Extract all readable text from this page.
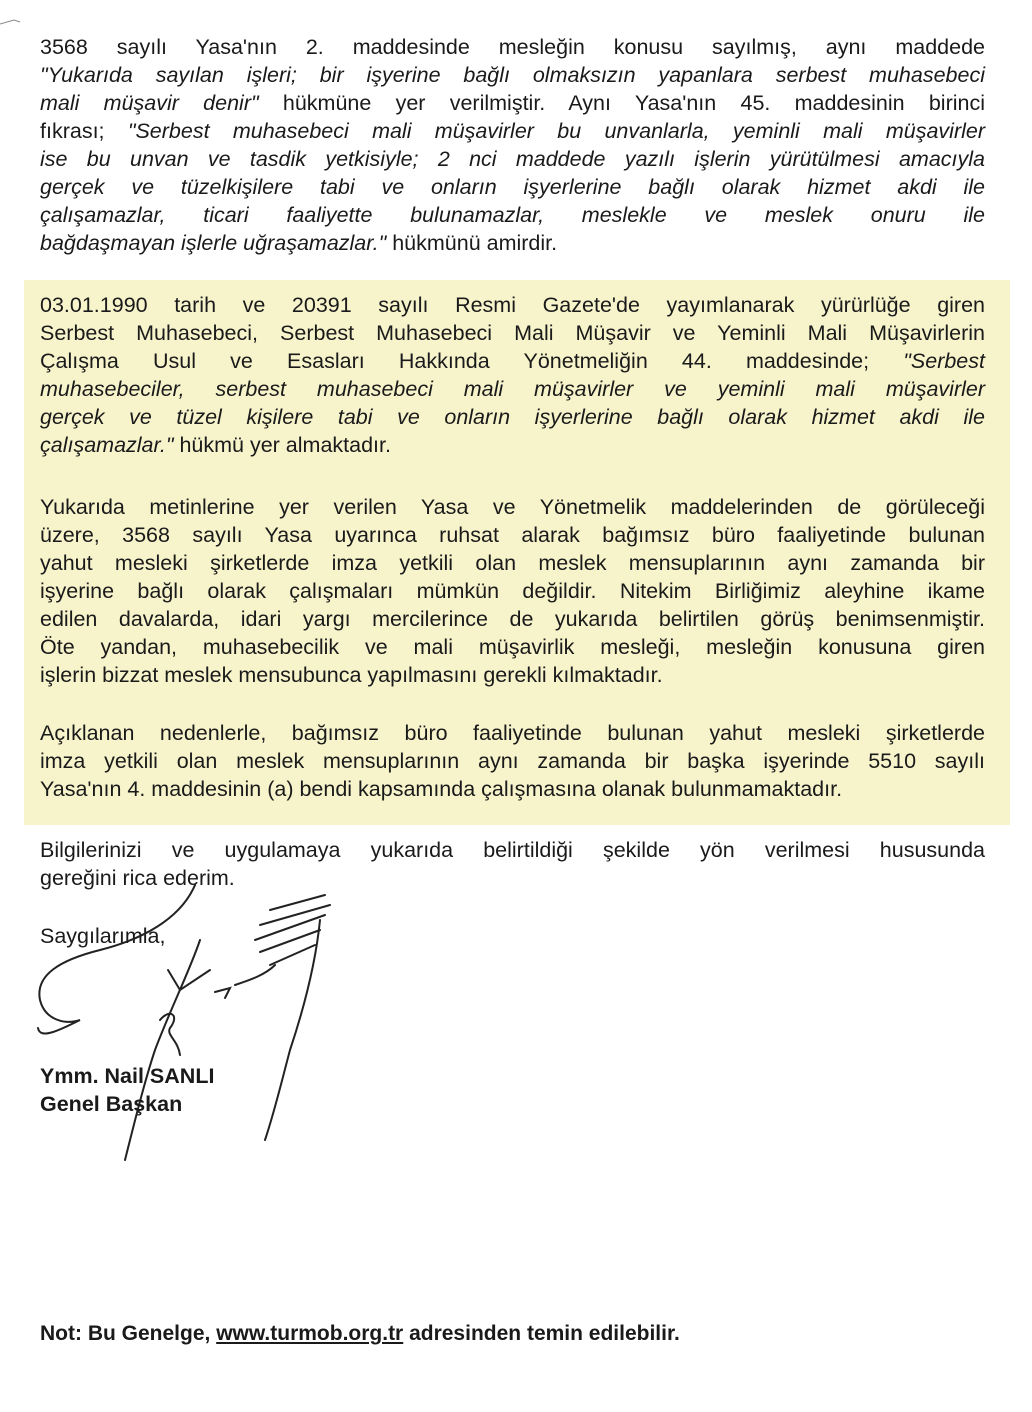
3568 sayılı Yasa'nın 2. maddesinde mesleğin konusu sayılmış, aynı maddede
"Yukarıda sayılan işleri; bir işyerine bağlı olmaksızın yapanlara serbest muhasebeci
mali müşavir denir" hükmüne yer verilmiştir. Aynı Yasa'nın 45. maddesinin birinci
fıkrası; "Serbest muhasebeci mali müşavirler bu unvanlarla, yeminli mali müşavirler
ise bu unvan ve tasdik yetkisiyle; 2 nci maddede yazılı işlerin yürütülmesi amacıyla
gerçek ve tüzelkişilere tabi ve onların işyerlerine bağlı olarak hizmet akdi ile
çalışamazlar, ticari faaliyette bulunamazlar, meslekle ve meslek onuru ile
bağdaşmayan işlerle uğraşamazlar." hükmünü amirdir.
03.01.1990 tarih ve 20391 sayılı Resmi Gazete'de yayımlanarak yürürlüğe giren
Serbest Muhasebeci, Serbest Muhasebeci Mali Müşavir ve Yeminli Mali Müşavirlerin
Çalışma Usul ve Esasları Hakkında Yönetmeliğin 44. maddesinde; "Serbest
muhasebeciler, serbest muhasebeci mali müşavirler ve yeminli mali müşavirler
gerçek ve tüzel kişilere tabi ve onların işyerlerine bağlı olarak hizmet akdi ile
çalışamazlar." hükmü yer almaktadır.
Yukarıda metinlerine yer verilen Yasa ve Yönetmelik maddelerinden de görüleceği
üzere, 3568 sayılı Yasa uyarınca ruhsat alarak bağımsız büro faaliyetinde bulunan
yahut mesleki şirketlerde imza yetkili olan meslek mensuplarının aynı zamanda bir
işyerine bağlı olarak çalışmaları mümkün değildir. Nitekim Birliğimiz aleyhine ikame
edilen davalarda, idari yargı mercilerince de yukarıda belirtilen görüş benimsenmiştir.
Öte yandan, muhasebecilik ve mali müşavirlik mesleği, mesleğin konusuna giren
işlerin bizzat meslek mensubunca yapılmasını gerekli kılmaktadır.
Açıklanan nedenlerle, bağımsız büro faaliyetinde bulunan yahut mesleki şirketlerde
imza yetkili olan meslek mensuplarının aynı zamanda bir başka işyerinde 5510 sayılı
Yasa'nın 4. maddesinin (a) bendi kapsamında çalışmasına olanak bulunmamaktadır.
Bilgilerinizi ve uygulamaya yukarıda belirtildiği şekilde yön verilmesi hususunda
gereğini rica ederim.
Saygılarımla,
Ymm. Nail SANLI
Genel Başkan
Not: Bu Genelge, www.turmob.org.tr adresinden temin edilebilir.
